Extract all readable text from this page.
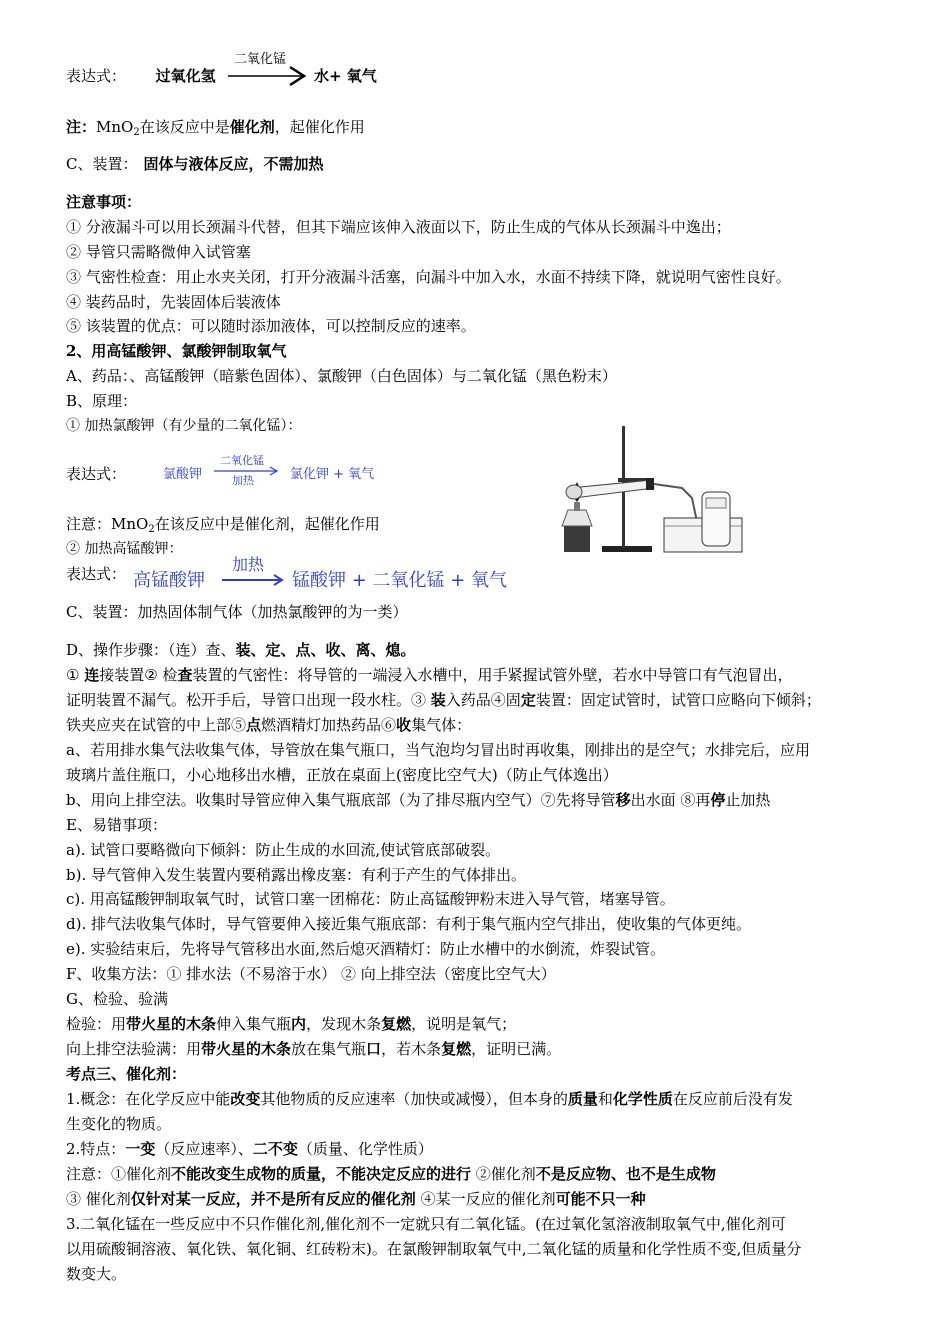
表达式： 过氧化氢
二氧化锰
水+ 氧气
注：MnO$_2$在该反应中是催化剂，起催化作用
C、装置： 固体与液体反应，不需加热
注意事项：
① 分液漏斗可以用长颈漏斗代替，但其下端应该伸入液面以下，防止生成的气体从长颈漏斗中逸出；
② 导管只需略微伸入试管塞
③ 气密性检查：用止水夹关闭，打开分液漏斗活塞，向漏斗中加入水，水面不持续下降，就说明气密性良好。
④ 装药品时，先装固体后装液体
⑤ 该装置的优点：可以随时添加液体，可以控制反应的速率。
2、用高锰酸钾、氯酸钾制取氧气
A、药品：、高锰酸钾（暗紫色固体）、氯酸钾（白色固体）与二氧化锰（黑色粉末）
B、原理：
① 加热氯酸钾（有少量的二氧化锰）：
表达式：	氯酸钾
二氧化锰
加热	氯化钾 + 氧气
注意：MnO$_2$在该反应中是催化剂，起催化作用
② 加热高锰酸钾：
表达式： 高锰酸钾
加热
锰酸钾 + 二氧化锰 + 氧气
C、装置：加热固体制气体（加热氯酸钾的为一类）
D、操作步骤：（连）查、装、定、点、收、离、熄。
① 连接装置② 检查装置的气密性：将导管的一端浸入水槽中，用手紧握试管外壁，若水中导管口有气泡冒出，
证明装置不漏气。松开手后，导管口出现一段水柱。③ 装入药品④固定装置：固定试管时，试管口应略向下倾斜；
铁夹应夹在试管的中上部⑤点燃酒精灯加热药品⑥收集气体：
a、若用排水集气法收集气体，导管放在集气瓶口，当气泡均匀冒出时再收集，刚排出的是空气；水排完后，应用
玻璃片盖住瓶口，小心地移出水槽，正放在桌面上(密度比空气大)（防止气体逸出）
b、用向上排空法。收集时导管应伸入集气瓶底部（为了排尽瓶内空气）⑦先将导管移出水面 ⑧再停止加热
E、易错事项：
a). 试管口要略微向下倾斜：防止生成的水回流,使试管底部破裂。
b). 导气管伸入发生装置内要稍露出橡皮塞：有利于产生的气体排出。
c). 用高锰酸钾制取氧气时，试管口塞一团棉花：防止高锰酸钾粉末进入导气管，堵塞导管。
d). 排气法收集气体时，导气管要伸入接近集气瓶底部：有利于集气瓶内空气排出，使收集的气体更纯。
e). 实验结束后，先将导气管移出水面,然后熄灭酒精灯：防止水槽中的水倒流，炸裂试管。
F、收集方法：① 排水法（不易溶于水） ② 向上排空法（密度比空气大）
G、检验、验满
检验：用带火星的木条伸入集气瓶内，发现木条复燃，说明是氧气；
向上排空法验满：用带火星的木条放在集气瓶口，若木条复燃，证明已满。
考点三、催化剂：
1.概念：在化学反应中能改变其他物质的反应速率（加快或减慢），但本身的质量和化学性质在反应前后没有发
生变化的物质。
2.特点：一变（反应速率）、二不变（质量、化学性质）
注意：①催化剂不能改变生成物的质量，不能决定反应的进行 ②催化剂不是反应物、也不是生成物
③ 催化剂仅针对某一反应，并不是所有反应的催化剂 ④某一反应的催化剂可能不只一种
3.二氧化锰在一些反应中不只作催化剂,催化剂不一定就只有二氧化锰。(在过氧化氢溶液制取氧气中,催化剂可
以用硫酸铜溶液、氧化铁、氧化铜、红砖粉末)。在氯酸钾制取氧气中,二氧化锰的质量和化学性质不变,但质量分
数变大。
